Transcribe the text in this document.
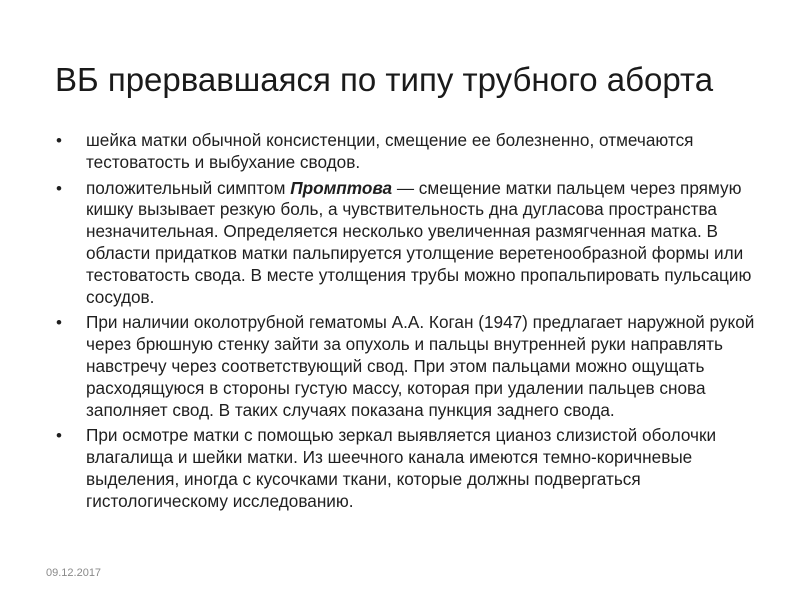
ВБ прервавшаяся по типу трубного аборта
•	шейка матки обычной консистенции, смещение ее болезненно, отмечаются тестоватость и выбухание сводов.
•	положительный симптом Промптова — смещение матки пальцем через прямую кишку вызывает резкую боль, а чувствительность дна дугласова пространства незначительная. Определяется несколько увеличенная размягченная матка. В области придатков матки пальпируется утолщение веретенообразной формы или тестоватость свода. В месте утолщения трубы можно пропальпировать пульсацию сосудов.
•	При наличии околотрубной гематомы А.А. Коган (1947) предлагает наружной рукой через брюшную стенку зайти за опухоль и пальцы внутренней руки направлять навстречу через соответствующий свод. При этом пальцами можно ощущать расходящуюся в стороны густую массу, которая при удалении пальцев снова заполняет свод. В таких случаях показана пункция заднего свода.
•	При осмотре матки с помощью зеркал выявляется цианоз слизистой оболочки влагалища и шейки матки. Из шеечного канала имеются темно-коричневые выделения, иногда с кусочками ткани, которые должны подвергаться гистологическому исследованию.
09.12.2017
